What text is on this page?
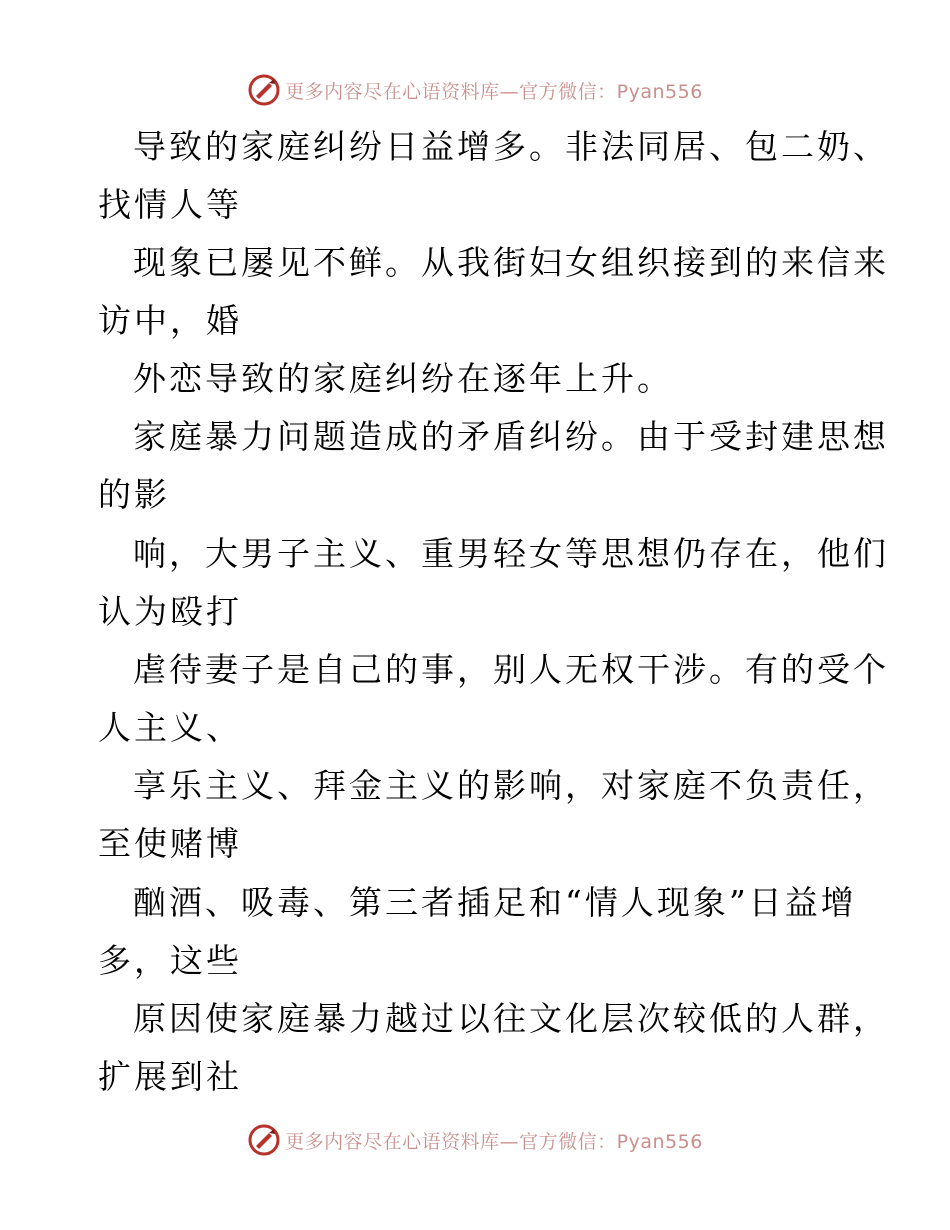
更多内容尽在心语资料库—官方微信：Pyan556
导致的家庭纠纷日益增多。非法同居、包二奶、
找情人等
现象已屡见不鲜。从我街妇女组织接到的来信来
访中，婚
外恋导致的家庭纠纷在逐年上升。
家庭暴力问题造成的矛盾纠纷。由于受封建思想
的影
响，大男子主义、重男轻女等思想仍存在，他们
认为殴打
虐待妻子是自己的事，别人无权干涉。有的受个
人主义、
享乐主义、拜金主义的影响，对家庭不负责任，
至使赌博
酗酒、吸毒、第三者插足和“情人现象”日益增
多，这些
原因使家庭暴力越过以往文化层次较低的人群，
扩展到社
更多内容尽在心语资料库—官方微信：Pyan556
